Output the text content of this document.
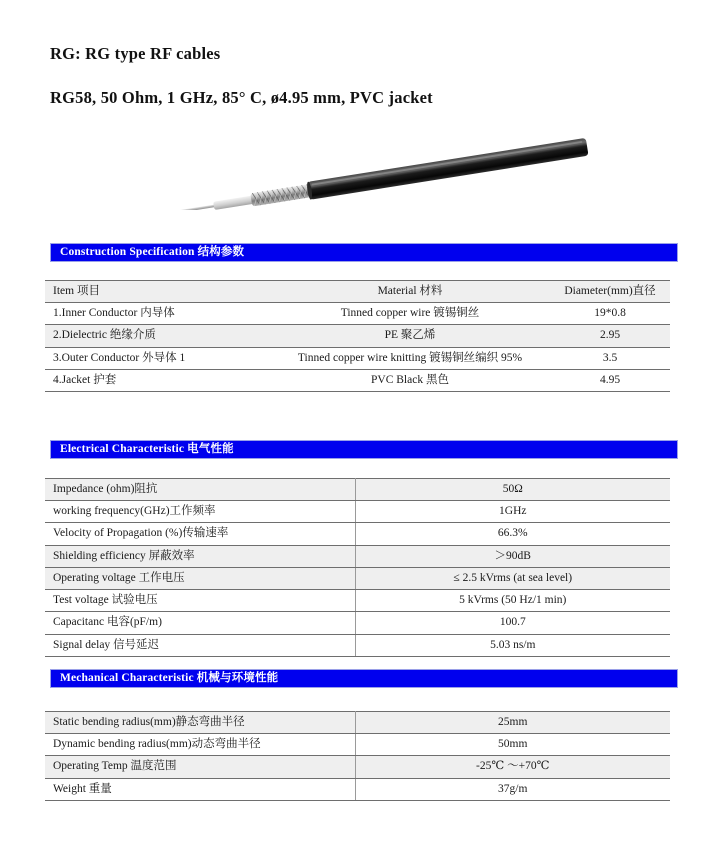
RG: RG type RF cables
RG58, 50 Ohm, 1 GHz, 85° C, ø4.95 mm, PVC jacket
Construction Specification 结构参数
Item 项目	Material 材料	Diameter(mm)直径
1.Inner Conductor 内导体	Tinned copper wire 镀锡铜丝	19*0.8
2.Dielectric 绝缘介质	PE 聚乙烯	2.95
3.Outer Conductor 外导体 1	Tinned copper wire knitting 镀锡铜丝编织 95%	3.5
4.Jacket 护套	PVC Black 黑色	4.95
Electrical Characteristic 电气性能
Impedance (ohm)阻抗	50Ω
working frequency(GHz)工作频率	1GHz
Velocity of Propagation (%)传输速率	66.3%
Shielding efficiency 屏蔽效率	＞90dB
Operating voltage 工作电压	≤ 2.5 kVrms (at sea level)
Test voltage 试验电压	5 kVrms (50 Hz/1 min)
Capacitanc 电容(pF/m)	100.7
Signal delay 信号延迟	5.03 ns/m
Mechanical Characteristic 机械与环境性能
Static bending radius(mm)静态弯曲半径	25mm
Dynamic bending radius(mm)动态弯曲半径	50mm
Operating Temp 温度范围	-25℃ ～+70℃
Weight 重量	37g/m
